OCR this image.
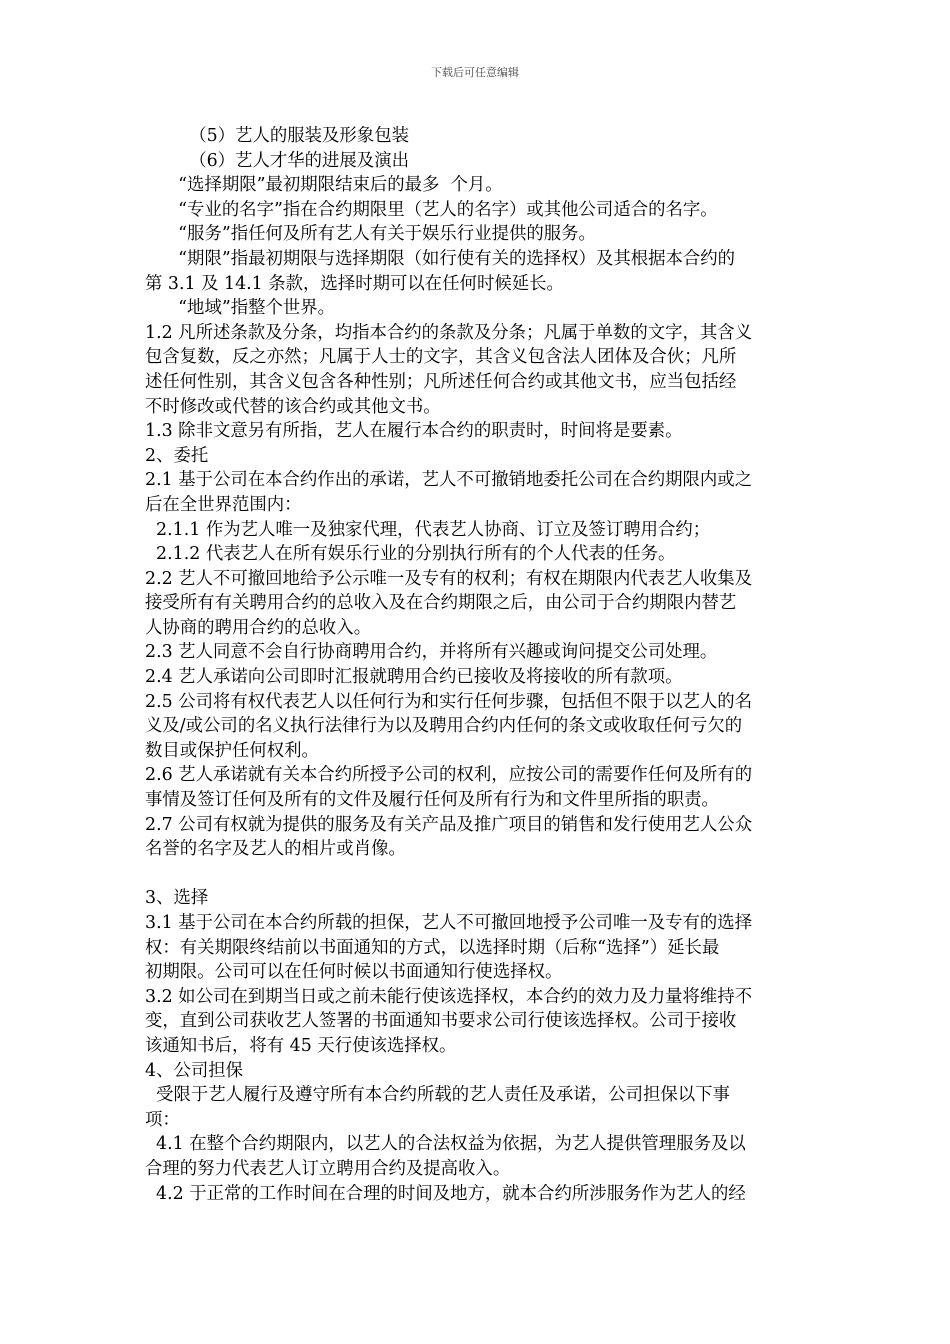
下载后可任意编辑
（5）艺人的服装及形象包装
（6）艺人才华的进展及演出
“选择期限”最初期限结束后的最多  个月。
“专业的名字”指在合约期限里（艺人的名字）或其他公司适合的名字。
“服务”指任何及所有艺人有关于娱乐行业提供的服务。
“期限”指最初期限与选择期限（如行使有关的选择权）及其根据本合约的
第 3.1 及 14.1 条款，选择时期可以在任何时候延长。
“地域”指整个世界。
1.2 凡所述条款及分条，均指本合约的条款及分条；凡属于单数的文字，其含义
包含复数，反之亦然；凡属于人士的文字，其含义包含法人团体及合伙；凡所
述任何性别，其含义包含各种性别；凡所述任何合约或其他文书，应当包括经
不时修改或代替的该合约或其他文书。
1.3 除非文意另有所指，艺人在履行本合约的职责时，时间将是要素。
2、委托
2.1 基于公司在本合约作出的承诺，艺人不可撤销地委托公司在合约期限内或之
后在全世界范围内：
2.1.1 作为艺人唯一及独家代理，代表艺人协商、订立及签订聘用合约；
2.1.2 代表艺人在所有娱乐行业的分别执行所有的个人代表的任务。
2.2 艺人不可撤回地给予公示唯一及专有的权利；有权在期限内代表艺人收集及
接受所有有关聘用合约的总收入及在合约期限之后，由公司于合约期限内替艺
人协商的聘用合约的总收入。
2.3 艺人同意不会自行协商聘用合约，并将所有兴趣或询问提交公司处理。
2.4 艺人承诺向公司即时汇报就聘用合约已接收及将接收的所有款项。
2.5 公司将有权代表艺人以任何行为和实行任何步骤，包括但不限于以艺人的名
义及/或公司的名义执行法律行为以及聘用合约内任何的条文或收取任何亏欠的
数目或保护任何权利。
2.6 艺人承诺就有关本合约所授予公司的权利，应按公司的需要作任何及所有的
事情及签订任何及所有的文件及履行任何及所有行为和文件里所指的职责。
2.7 公司有权就为提供的服务及有关产品及推广项目的销售和发行使用艺人公众
名誉的名字及艺人的相片或肖像。
3、选择
3.1 基于公司在本合约所载的担保，艺人不可撤回地授予公司唯一及专有的选择
权：有关期限终结前以书面通知的方式，以选择时期（后称“选择”）延长最
初期限。公司可以在任何时候以书面通知行使选择权。
3.2 如公司在到期当日或之前未能行使该选择权，本合约的效力及力量将维持不
变，直到公司获收艺人签署的书面通知书要求公司行使该选择权。公司于接收
该通知书后，将有 45 天行使该选择权。
4、公司担保
受限于艺人履行及遵守所有本合约所载的艺人责任及承诺，公司担保以下事
项：
4.1 在整个合约期限内，以艺人的合法权益为依据，为艺人提供管理服务及以
合理的努力代表艺人订立聘用合约及提高收入。
4.2 于正常的工作时间在合理的时间及地方，就本合约所涉服务作为艺人的经
